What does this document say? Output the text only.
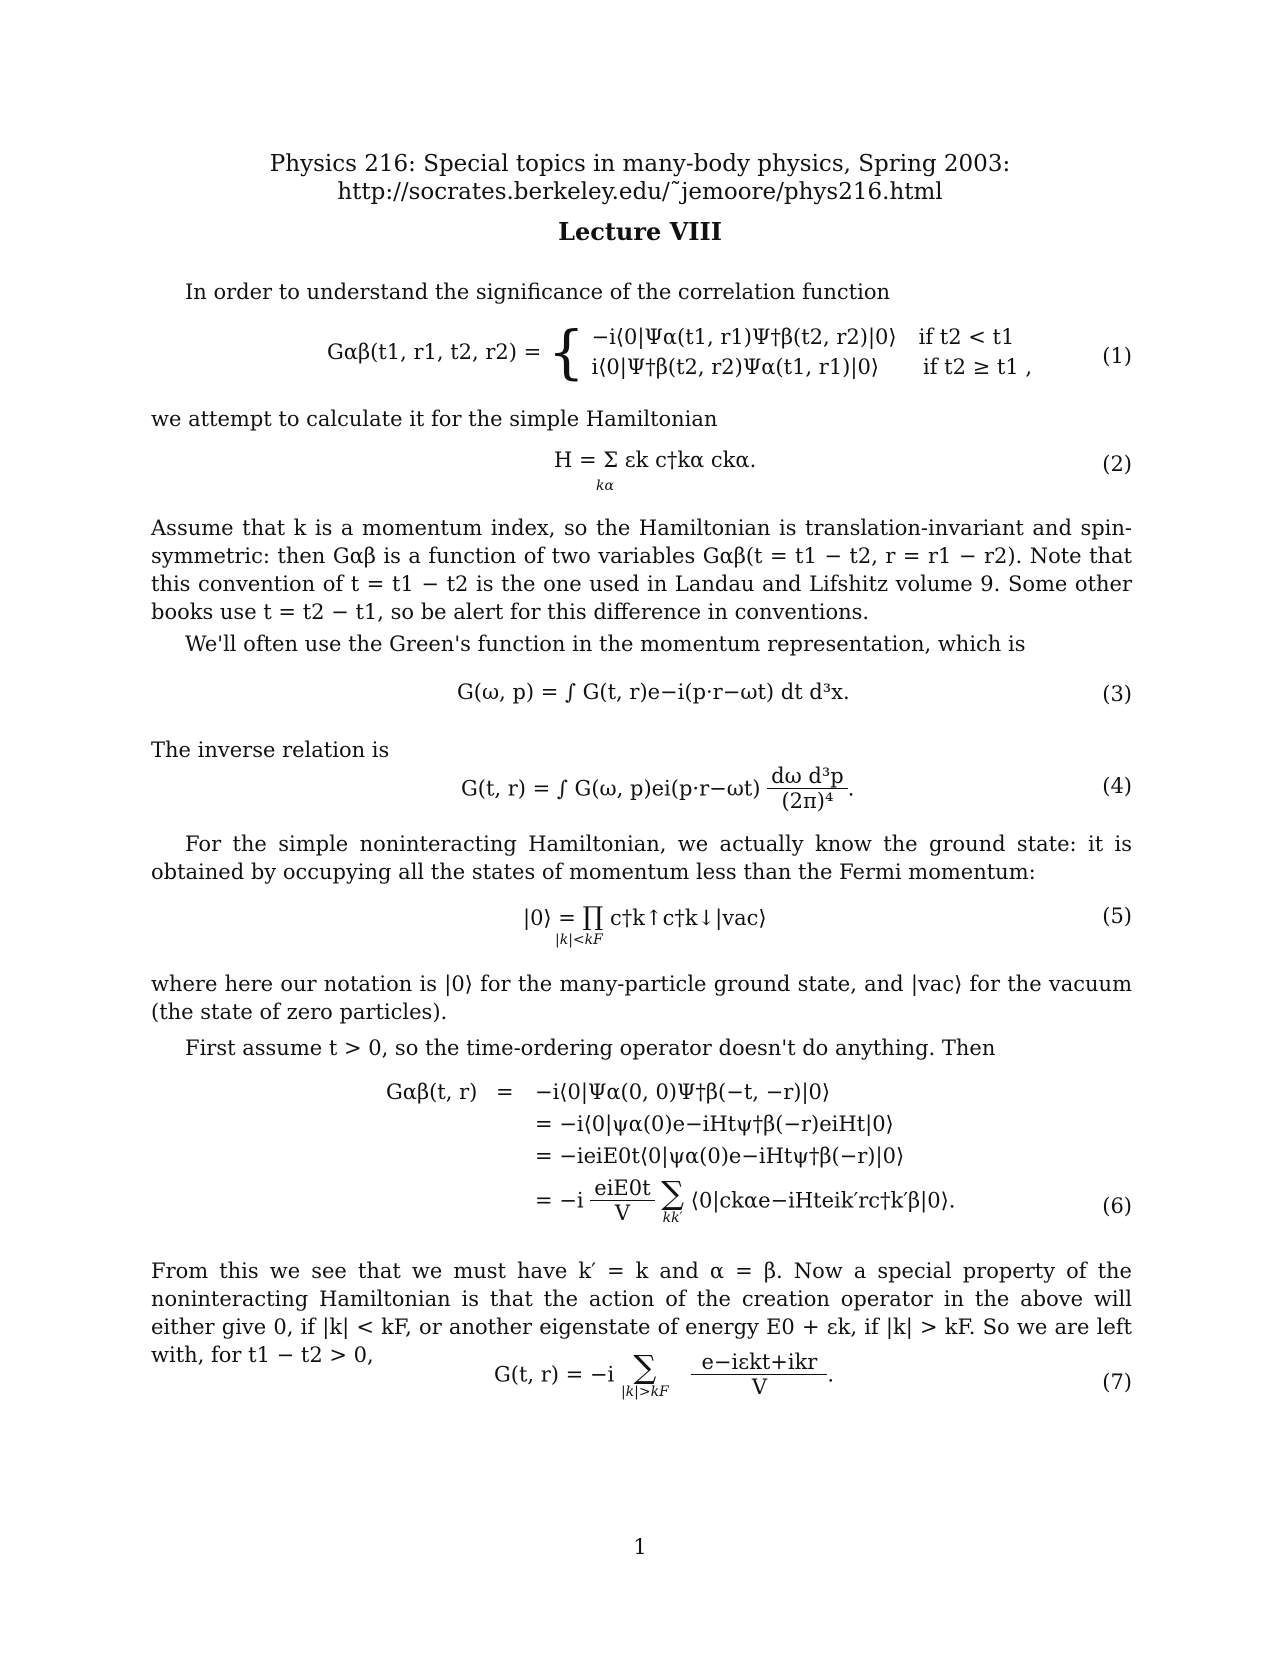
Physics 216: Special topics in many-body physics, Spring 2003:
http://socrates.berkeley.edu/˜jemoore/phys216.html
Lecture VIII
In order to understand the significance of the correlation function
Gαβ(t1, r1, t2, r2) = { −i⟨0|Ψα(t1, r1)Ψ†β(t2, r2)|0⟩ if t2 < t1
i⟨0|Ψ†β(t2, r2)Ψα(t1, r1)|0⟩ if t2 ≥ t1 ,	(1)
we attempt to calculate it for the simple Hamiltonian
H = Σ εk c†kα ckα.
kα
(2)
Assume that k is a momentum index, so the Hamiltonian is translation-invariant and spin-symmetric: then Gαβ is a function of two variables Gαβ(t = t1 − t2, r = r1 − r2). Note that this convention of t = t1 − t2 is the one used in Landau and Lifshitz volume 9. Some other books use t = t2 − t1, so be alert for this difference in conventions.
We'll often use the Green's function in the momentum representation, which is
G(ω, p) = ∫ G(t, r)e−i(p·r−ωt) dt d³x.	(3)
The inverse relation is
G(t, r) = ∫ G(ω, $p)ei(p\cdot r-\omega t) \frac{\text{dω d³p}}{\text{(2π)⁴}}$ .	(4)
For the simple noninteracting Hamiltonian, we actually know the ground state: it is obtained by occupying all the states of momentum less than the Fermi momentum:
|0⟩ = ∏ c†k↑c†k↓|vac⟩
|k|<kF
(5)
where here our notation is |0⟩ for the many-particle ground state, and |vac⟩ for the vacuum (the state of zero particles).
First assume t > 0, so the time-ordering operator doesn't do anything. Then
Gαβ(t, r) = −i⟨0|Ψα(0, 0)Ψ†β(−t, −r)|0⟩
= −i⟨0|ψα(0)e−iHtψ†β(−r)eiHt|0⟩
= −ieiE0t⟨0|ψα(0)e−iHtψ†β(−r)|0⟩
= $-i \frac{\text{eiE0t}}{V}$
∑
kk′
⟨0|ckαe−iHteik′rc†k′β|0⟩.	(6)
From this we see that we must have k′ = k and α = β. Now a special property of the noninteracting Hamiltonian is that the action of the creation operator in the above will either give 0, if |k| < kF, or another eigenstate of energy E0 + εk, if |k| > kF. So we are left with, for t1 − t2 > 0,
G(t, r) = −i ∑
|k|>kF
$\frac{\text{e−iεkt+ikr}}{V}$ .	(7)
1
